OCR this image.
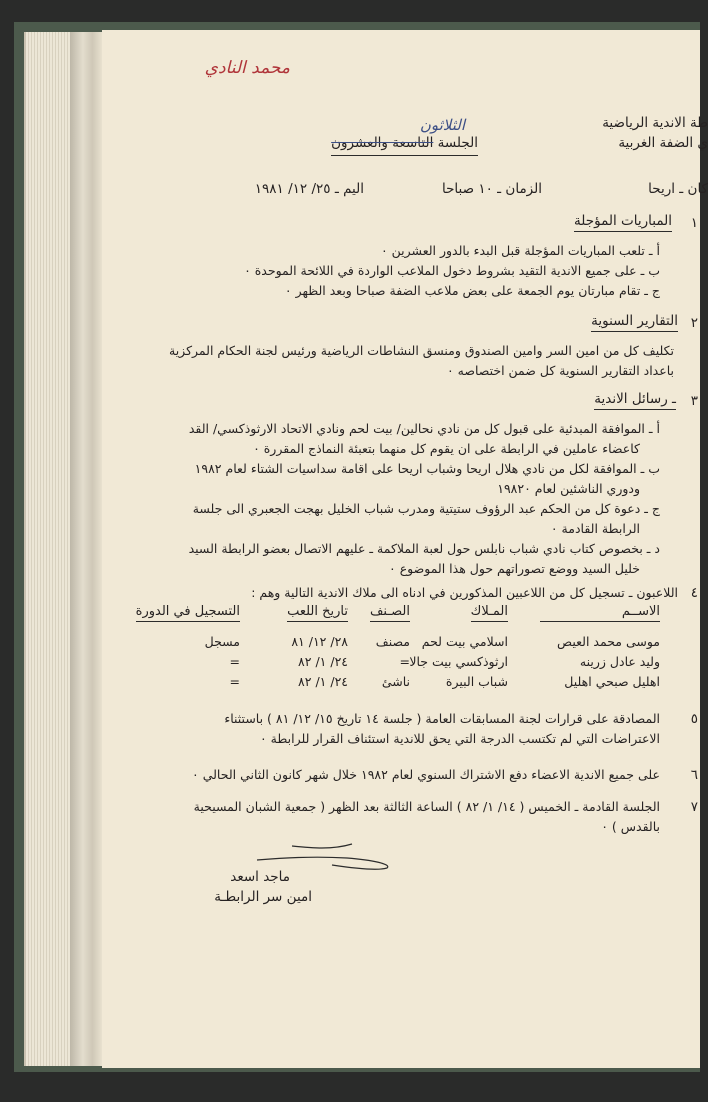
محمد النادي
طة الاندية الرياضية
ي الضفة الغربية
الثلاثون
الجلسة التاسعة والعشرون
كان ـ اريحا
الزمان ـ ١٠ صباحا
اليم ـ ٢٥/ ١٢/ ١٩٨١
١
المباريات المؤجلة
أ ـ تلعب المباريات المؤجلة قبل البدء بالدور العشرين ٠
ب ـ على جميع الاندية التقيد بشروط دخول الملاعب الواردة في اللائحة الموحدة ٠
ج ـ تقام مبارتان يوم الجمعة على بعض ملاعب الضفة صباحا وبعد الظهر ٠
٢
التقارير السنوية
تكليف كل من امين السر وامين الصندوق ومنسق النشاطات الرياضية ورئيس لجنة الحكام المركزية
باعداد التقارير السنوية كل ضمن اختصاصه ٠
٣
ـ رسائل الاندية
أ ـ الموافقة المبدئية على قبول كل من نادي نحالين/ بيت لحم ونادي الاتحاد الارثوذكسي/ القد
كاعضاء عاملين في الرابطة على ان يقوم كل منهما بتعبئة النماذج المقررة ٠
ب ـ الموافقة لكل من نادي هلال اريحا وشباب اريحا على اقامة سداسيات الشتاء لعام ١٩٨٢
ودوري الناشئين لعام ١٩٨٢٠
ج ـ دعوة كل من الحكم عبد الرؤوف ستيتية ومدرب شباب الخليل بهجت الجعبري الى جلسة
الرابطة القادمة ٠
د ـ بخصوص كتاب نادي شباب نابلس حول لعبة الملاكمة ـ عليهم الاتصال بعضو الرابطة السيد
خليل السيد ووضع تصوراتهم حول هذا الموضوع ٠
٤
اللاعبون ـ تسجيل كل من اللاعبين المذكورين في ادناه الى ملاك الاندية التالية وهم :
الاســم
المـلاك
الصـنف
تاريخ اللعب
التسجيل في الدورة
موسى محمد العيص
اسلامي بيت لحم
مصنف
٢٨/ ١٢/ ٨١
مسجل
وليد عادل زرينه
ارثوذكسي بيت جالا
=
٢٤/ ١/ ٨٢
=
اهليل صبحي اهليل
شباب البيرة
ناشئ
٢٤/ ١/ ٨٢
=
٥
المصادقة على قرارات لجنة المسابقات العامة ( جلسة ١٤ تاريخ ١٥/ ١٢/ ٨١ ) باستثناء
الاعتراضات التي لم تكتسب الدرجة التي يحق للاندية استئناف القرار للرابطة ٠
٦
على جميع الاندية الاعضاء دفع الاشتراك السنوي لعام ١٩٨٢ خلال شهر كانون الثاني الحالي ٠
٧
الجلسة القادمة ـ الخميس ( ١٤/ ١/ ٨٢ ) الساعة الثالثة بعد الظهر ( جمعية الشبان المسيحية
بالقدس ) ٠
ماجد اسعد
امين سر الرابطـة
